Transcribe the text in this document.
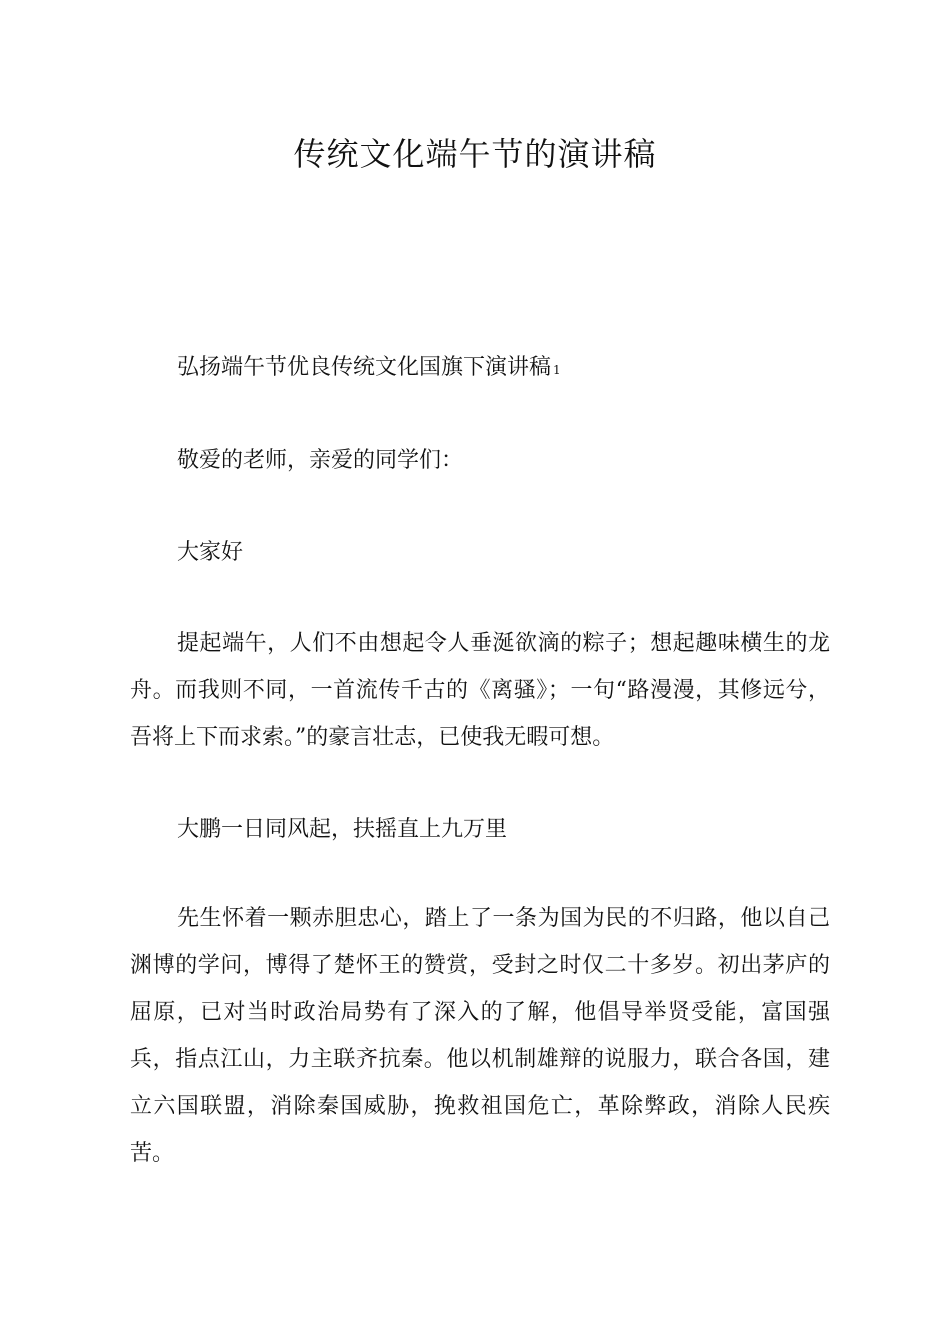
传统文化端午节的演讲稿

弘扬端午节优良传统文化国旗下演讲稿 1

敬爱的老师，亲爱的同学们：

大家好

提起端午，人们不由想起令人垂涎欲滴的粽子；想起趣味横生的龙舟。而我则不同，一首流传千古的《离骚》；一句“路漫漫，其修远兮，吾将上下而求索。”的豪言壮志，已使我无暇可想。

大鹏一日同风起，扶摇直上九万里

先生怀着一颗赤胆忠心，踏上了一条为国为民的不归路，他以自己渊博的学问，博得了楚怀王的赞赏，受封之时仅二十多岁。初出茅庐的屈原，已对当时政治局势有了深入的了解，他倡导举贤受能，富国强兵，指点江山，力主联齐抗秦。他以机制雄辩的说服力，联合各国，建立六国联盟，消除秦国威胁，挽救祖国危亡，革除弊政，消除人民疾苦。
